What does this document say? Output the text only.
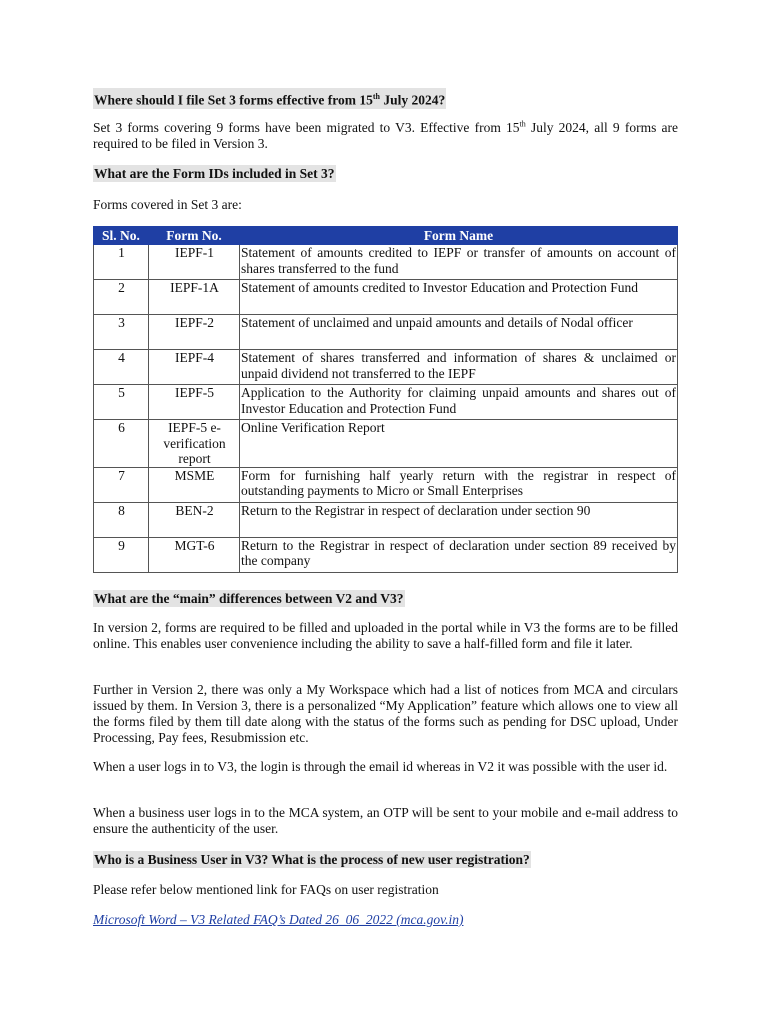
Where should I file Set 3 forms effective from 15th July 2024?
Set 3 forms covering 9 forms have been migrated to V3. Effective from 15th July 2024, all 9 forms are required to be filed in Version 3.
What are the Form IDs included in Set 3?
Forms covered in Set 3 are:
Sl. No.	Form No.	Form Name
1	IEPF-1	Statement of amounts credited to IEPF or transfer of amounts on account of shares transferred to the fund
2	IEPF-1A	Statement of amounts credited to Investor Education and Protection Fund
3	IEPF-2	Statement of unclaimed and unpaid amounts and details of Nodal officer
4	IEPF-4	Statement of shares transferred and information of shares & unclaimed or unpaid dividend not transferred to the IEPF
5	IEPF-5	Application to the Authority for claiming unpaid amounts and shares out of Investor Education and Protection Fund
6	IEPF-5 e-verification report	Online Verification Report
7	MSME	Form for furnishing half yearly return with the registrar in respect of outstanding payments to Micro or Small Enterprises
8	BEN-2	Return to the Registrar in respect of declaration under section 90
9	MGT-6	Return to the Registrar in respect of declaration under section 89 received by the company
What are the “main” differences between V2 and V3?
In version 2, forms are required to be filled and uploaded in the portal while in V3 the forms are to be filled online. This enables user convenience including the ability to save a half-filled form and file it later.
Further in Version 2, there was only a My Workspace which had a list of notices from MCA and circulars issued by them. In Version 3, there is a personalized “My Application” feature which allows one to view all the forms filed by them till date along with the status of the forms such as pending for DSC upload, Under Processing, Pay fees, Resubmission etc.
When a user logs in to V3, the login is through the email id whereas in V2 it was possible with the user id.
When a business user logs in to the MCA system, an OTP will be sent to your mobile and e-mail address to ensure the authenticity of the user.
Who is a Business User in V3? What is the process of new user registration?
Please refer below mentioned link for FAQs on user registration
Microsoft Word – V3 Related FAQ’s Dated 26_06_2022 (mca.gov.in)
